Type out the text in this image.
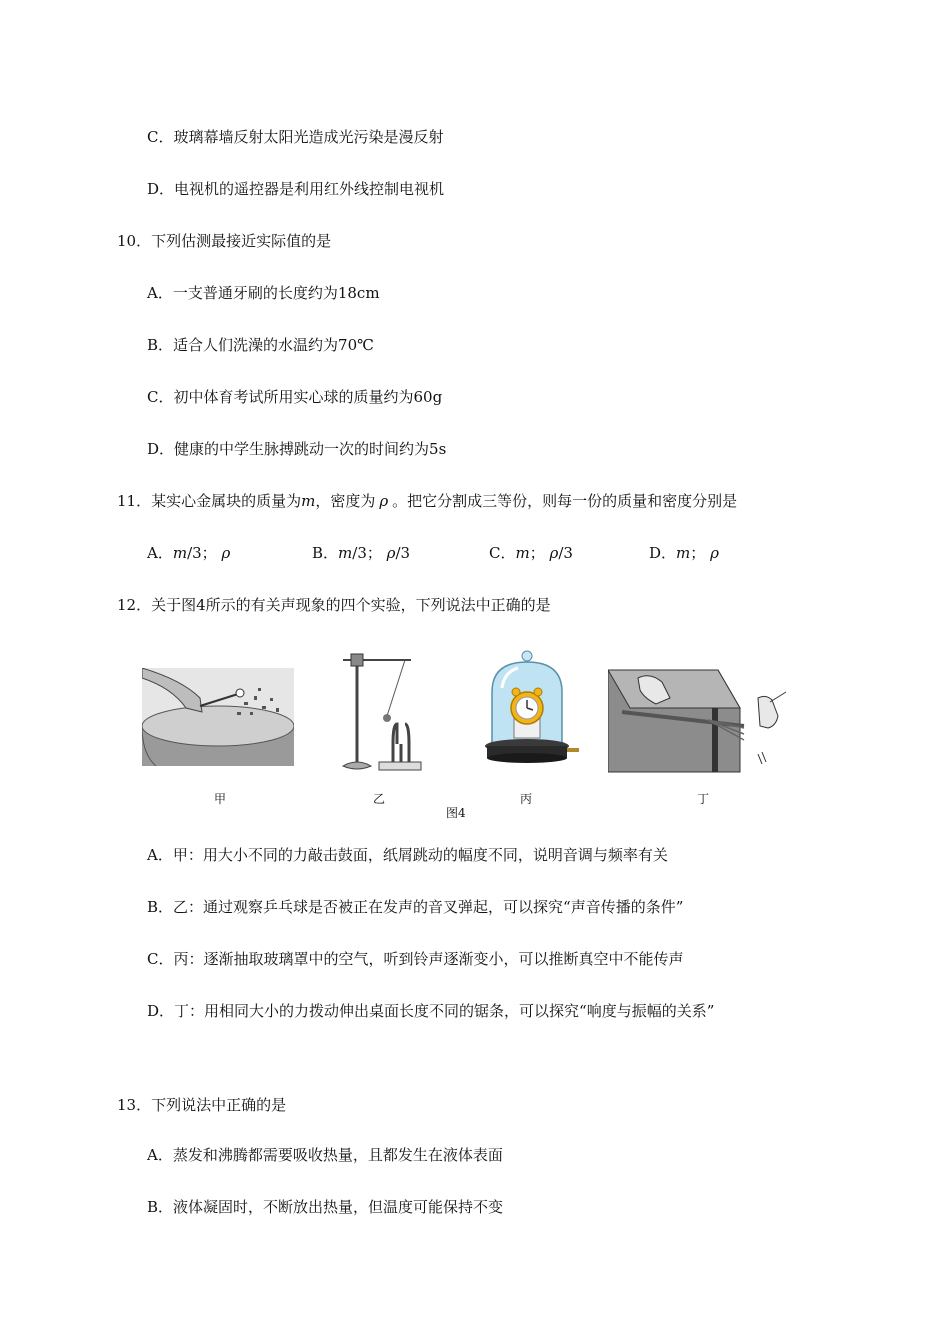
C．玻璃幕墙反射太阳光造成光污染是漫反射
D．电视机的遥控器是利用红外线控制电视机
10．下列估测最接近实际值的是
A．一支普通牙刷的长度约为18cm
B．适合人们洗澡的水温约为70℃
C．初中体育考试所用实心球的质量约为60g
D．健康的中学生脉搏跳动一次的时间约为5s
11．某实心金属块的质量为m，密度为 ρ 。把它分割成三等份，则每一份的质量和密度分别是
A．m/3； ρ	B．m/3； ρ/3	C．m； ρ/3	D．m； ρ
12．关于图4所示的有关声现象的四个实验，下列说法中正确的是
甲	乙	丙	丁
图4
A．甲：用大小不同的力敲击鼓面，纸屑跳动的幅度不同，说明音调与频率有关
B．乙：通过观察乒乓球是否被正在发声的音叉弹起，可以探究“声音传播的条件”
C．丙：逐渐抽取玻璃罩中的空气，听到铃声逐渐变小，可以推断真空中不能传声
D．丁：用相同大小的力拨动伸出桌面长度不同的锯条，可以探究“响度与振幅的关系”
13．下列说法中正确的是
A．蒸发和沸腾都需要吸收热量，且都发生在液体表面
B．液体凝固时，不断放出热量，但温度可能保持不变
